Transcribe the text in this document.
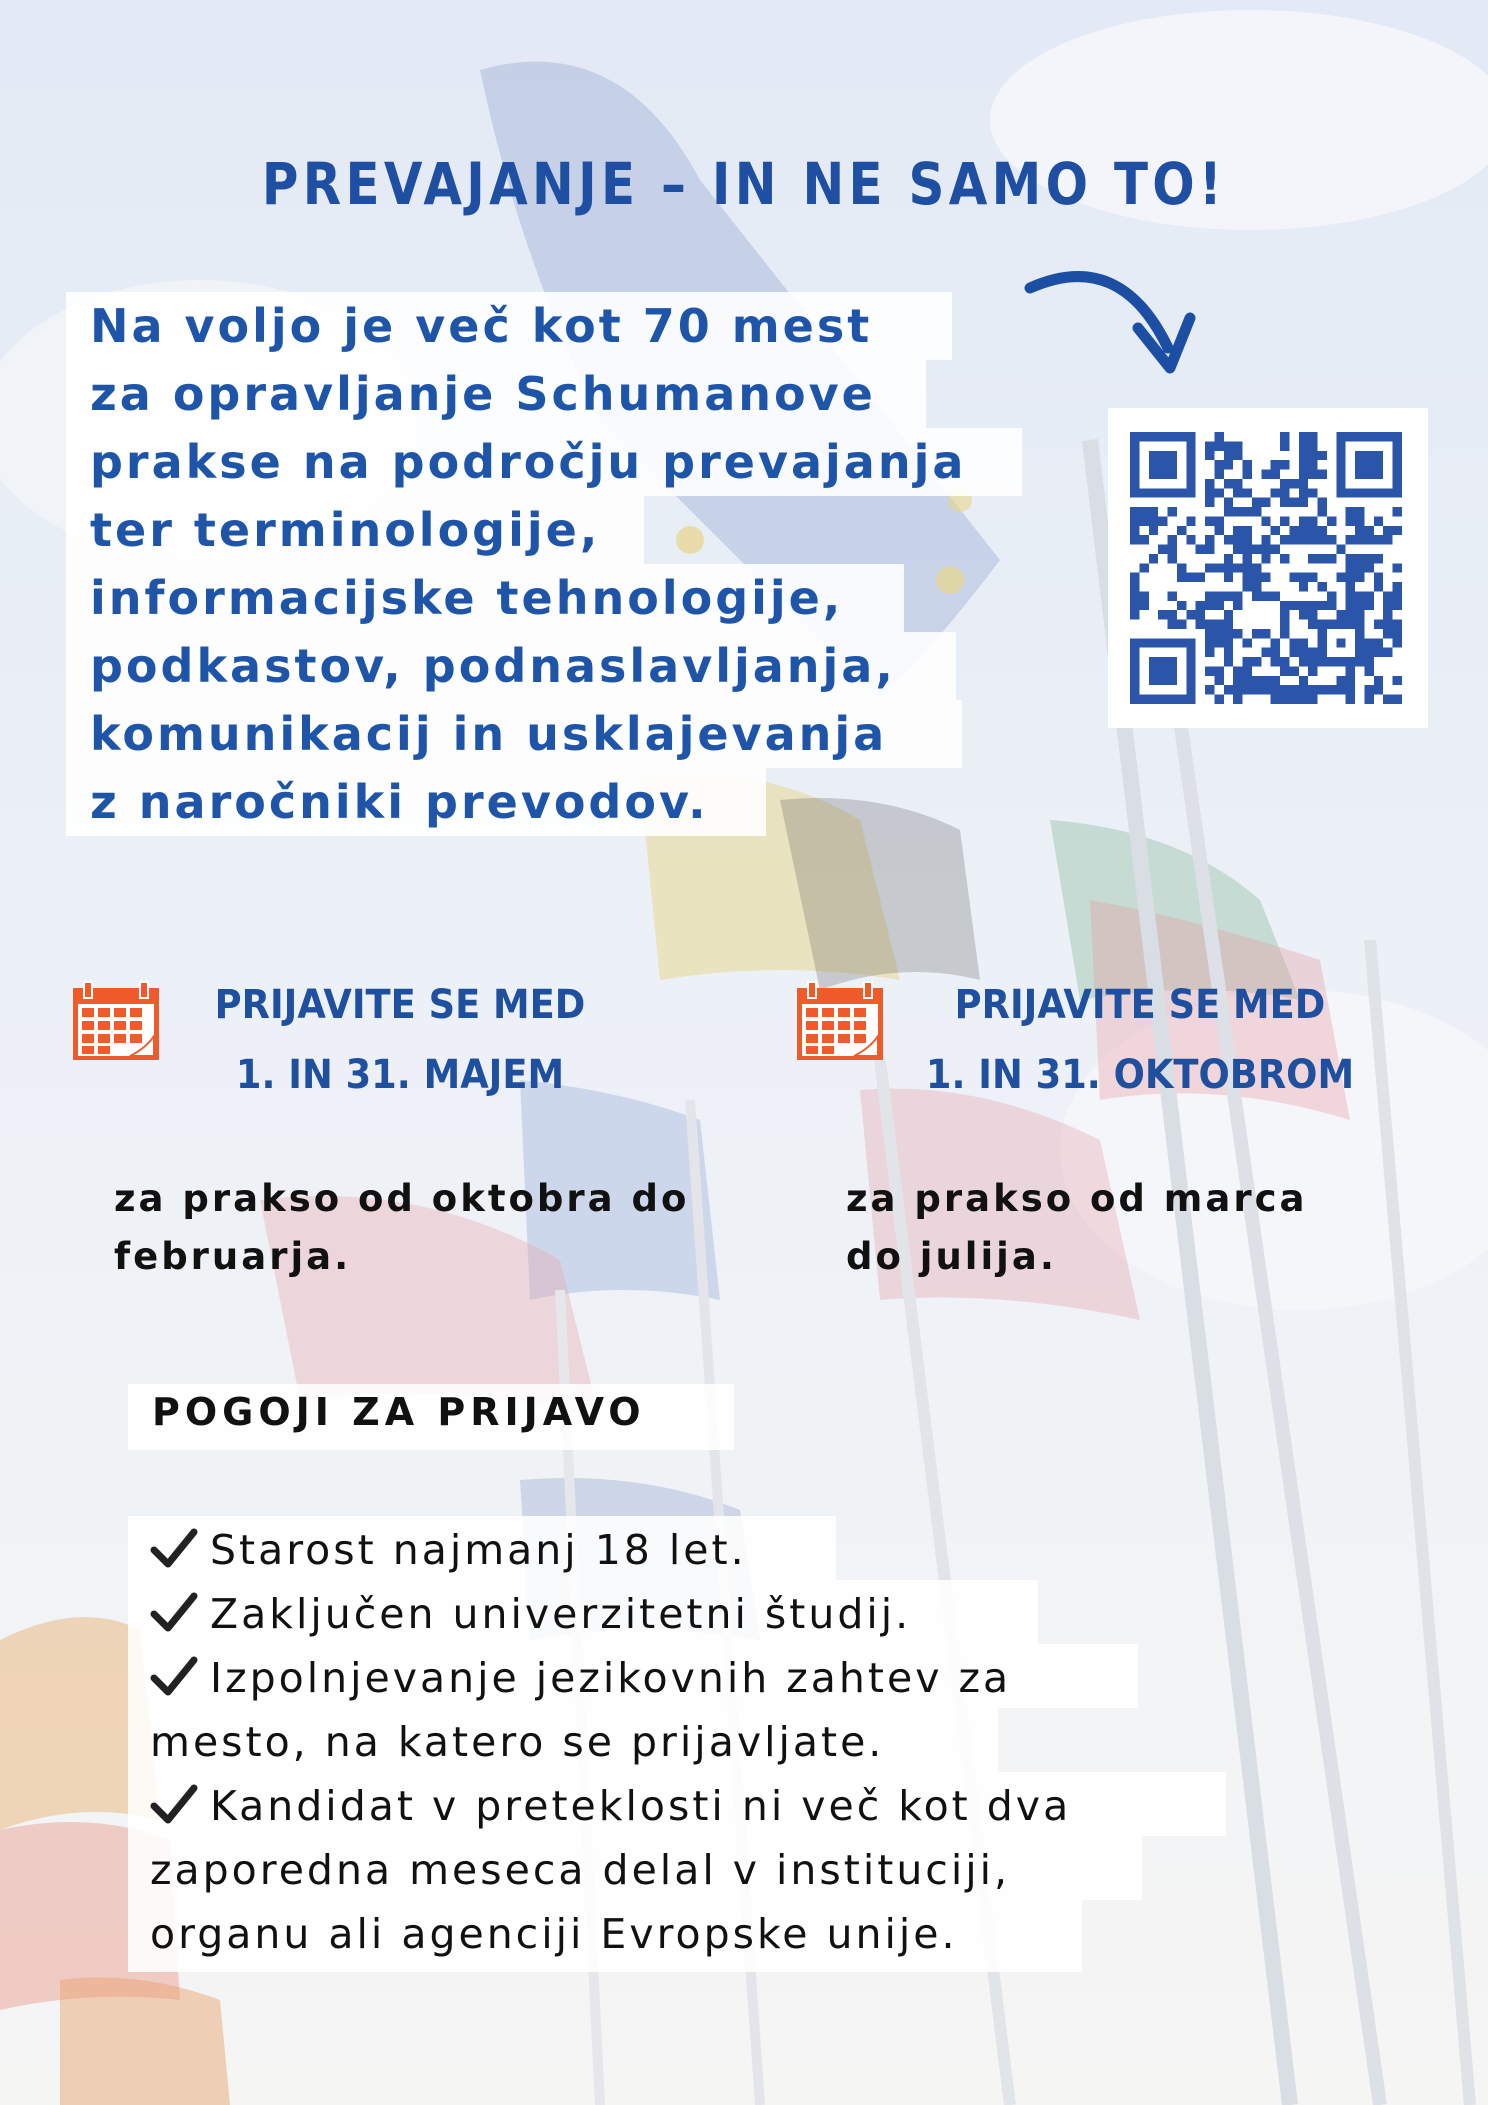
PREVAJANJE – IN NE SAMO TO!
Na voljo je več kot 70 mest
za opravljanje Schumanove
prakse na področju prevajanja
ter terminologije,
informacijske tehnologije,
podkastov, podnaslavljanja,
komunikacij in usklajevanja
z naročniki prevodov.
PRIJAVITE SE MED
1. IN 31. MAJEM
PRIJAVITE SE MED
1. IN 31. OKTOBROM
za prakso od oktobra do
februarja.
za prakso od marca
do julija.
POGOJI ZA PRIJAVO
Starost najmanj 18 let.
Zaključen univerzitetni študij.
Izpolnjevanje jezikovnih zahtev za
mesto, na katero se prijavljate.
Kandidat v preteklosti ni več kot dva
zaporedna meseca delal v instituciji,
organu ali agenciji Evropske unije.
